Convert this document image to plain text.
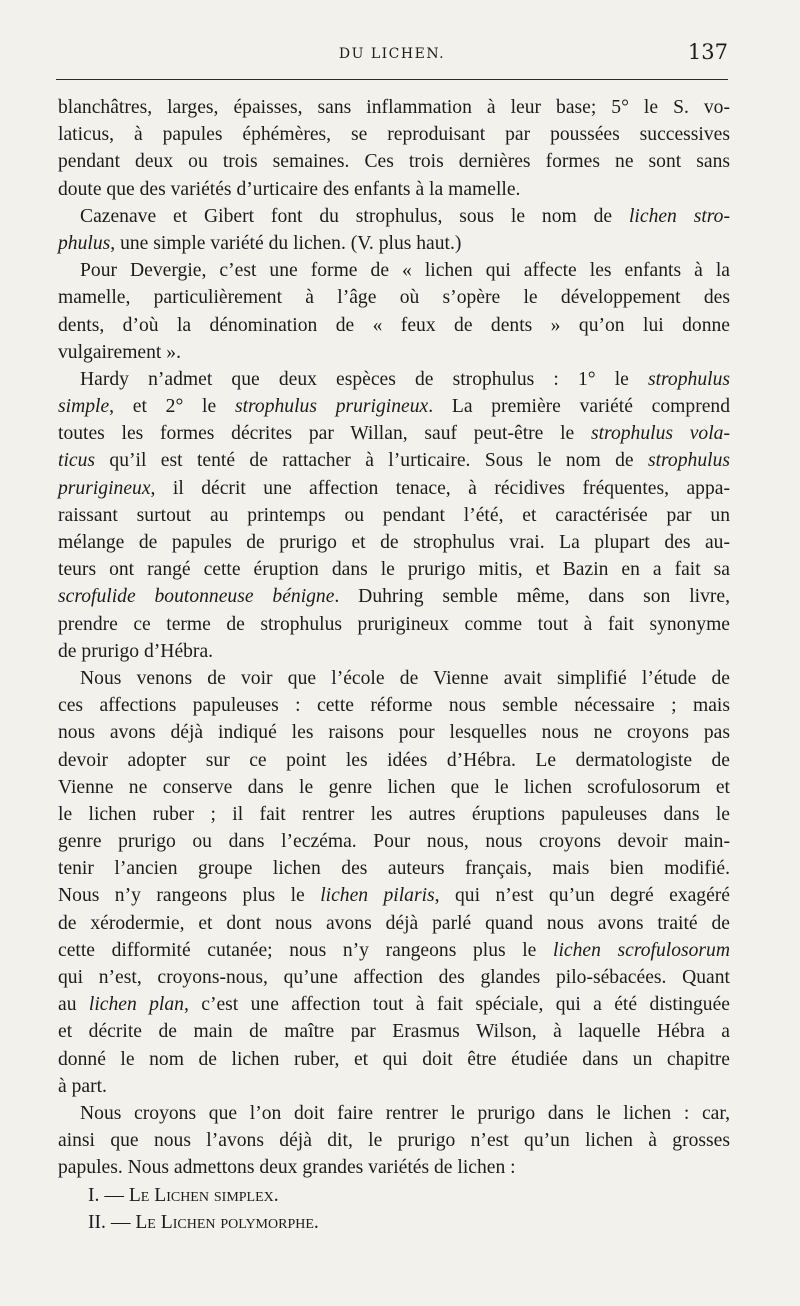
DU LICHEN.	137
blanchâtres, larges, épaisses, sans inflammation à leur base; 5° le S. vo-
laticus, à papules éphémères, se reproduisant par poussées successives
pendant deux ou trois semaines. Ces trois dernières formes ne sont sans
doute que des variétés d’urticaire des enfants à la mamelle.
Cazenave et Gibert font du strophulus, sous le nom de lichen stro-
phulus, une simple variété du lichen. (V. plus haut.)
Pour Devergie, c’est une forme de « lichen qui affecte les enfants à la
mamelle, particulièrement à l’âge où s’opère le développement des
dents, d’où la dénomination de « feux de dents » qu’on lui donne
vulgairement ».
Hardy n’admet que deux espèces de strophulus : 1° le strophulus
simple, et 2° le strophulus prurigineux. La première variété comprend
toutes les formes décrites par Willan, sauf peut-être le strophulus vola-
ticus qu’il est tenté de rattacher à l’urticaire. Sous le nom de strophulus
prurigineux, il décrit une affection tenace, à récidives fréquentes, appa-
raissant surtout au printemps ou pendant l’été, et caractérisée par un
mélange de papules de prurigo et de strophulus vrai. La plupart des au-
teurs ont rangé cette éruption dans le prurigo mitis, et Bazin en a fait sa
scrofulide boutonneuse bénigne. Duhring semble même, dans son livre,
prendre ce terme de strophulus prurigineux comme tout à fait synonyme
de prurigo d’Hébra.
Nous venons de voir que l’école de Vienne avait simplifié l’étude de
ces affections papuleuses : cette réforme nous semble nécessaire ; mais
nous avons déjà indiqué les raisons pour lesquelles nous ne croyons pas
devoir adopter sur ce point les idées d’Hébra. Le dermatologiste de
Vienne ne conserve dans le genre lichen que le lichen scrofulosorum et
le lichen ruber ; il fait rentrer les autres éruptions papuleuses dans le
genre prurigo ou dans l’eczéma. Pour nous, nous croyons devoir main-
tenir l’ancien groupe lichen des auteurs français, mais bien modifié.
Nous n’y rangeons plus le lichen pilaris, qui n’est qu’un degré exagéré
de xérodermie, et dont nous avons déjà parlé quand nous avons traité de
cette difformité cutanée; nous n’y rangeons plus le lichen scrofulosorum
qui n’est, croyons-nous, qu’une affection des glandes pilo-sébacées. Quant
au lichen plan, c’est une affection tout à fait spéciale, qui a été distinguée
et décrite de main de maître par Erasmus Wilson, à laquelle Hébra a
donné le nom de lichen ruber, et qui doit être étudiée dans un chapitre
à part.
Nous croyons que l’on doit faire rentrer le prurigo dans le lichen : car,
ainsi que nous l’avons déjà dit, le prurigo n’est qu’un lichen à grosses
papules. Nous admettons deux grandes variétés de lichen :
I. — Le Lichen simplex.
II. — Le Lichen polymorphe.
